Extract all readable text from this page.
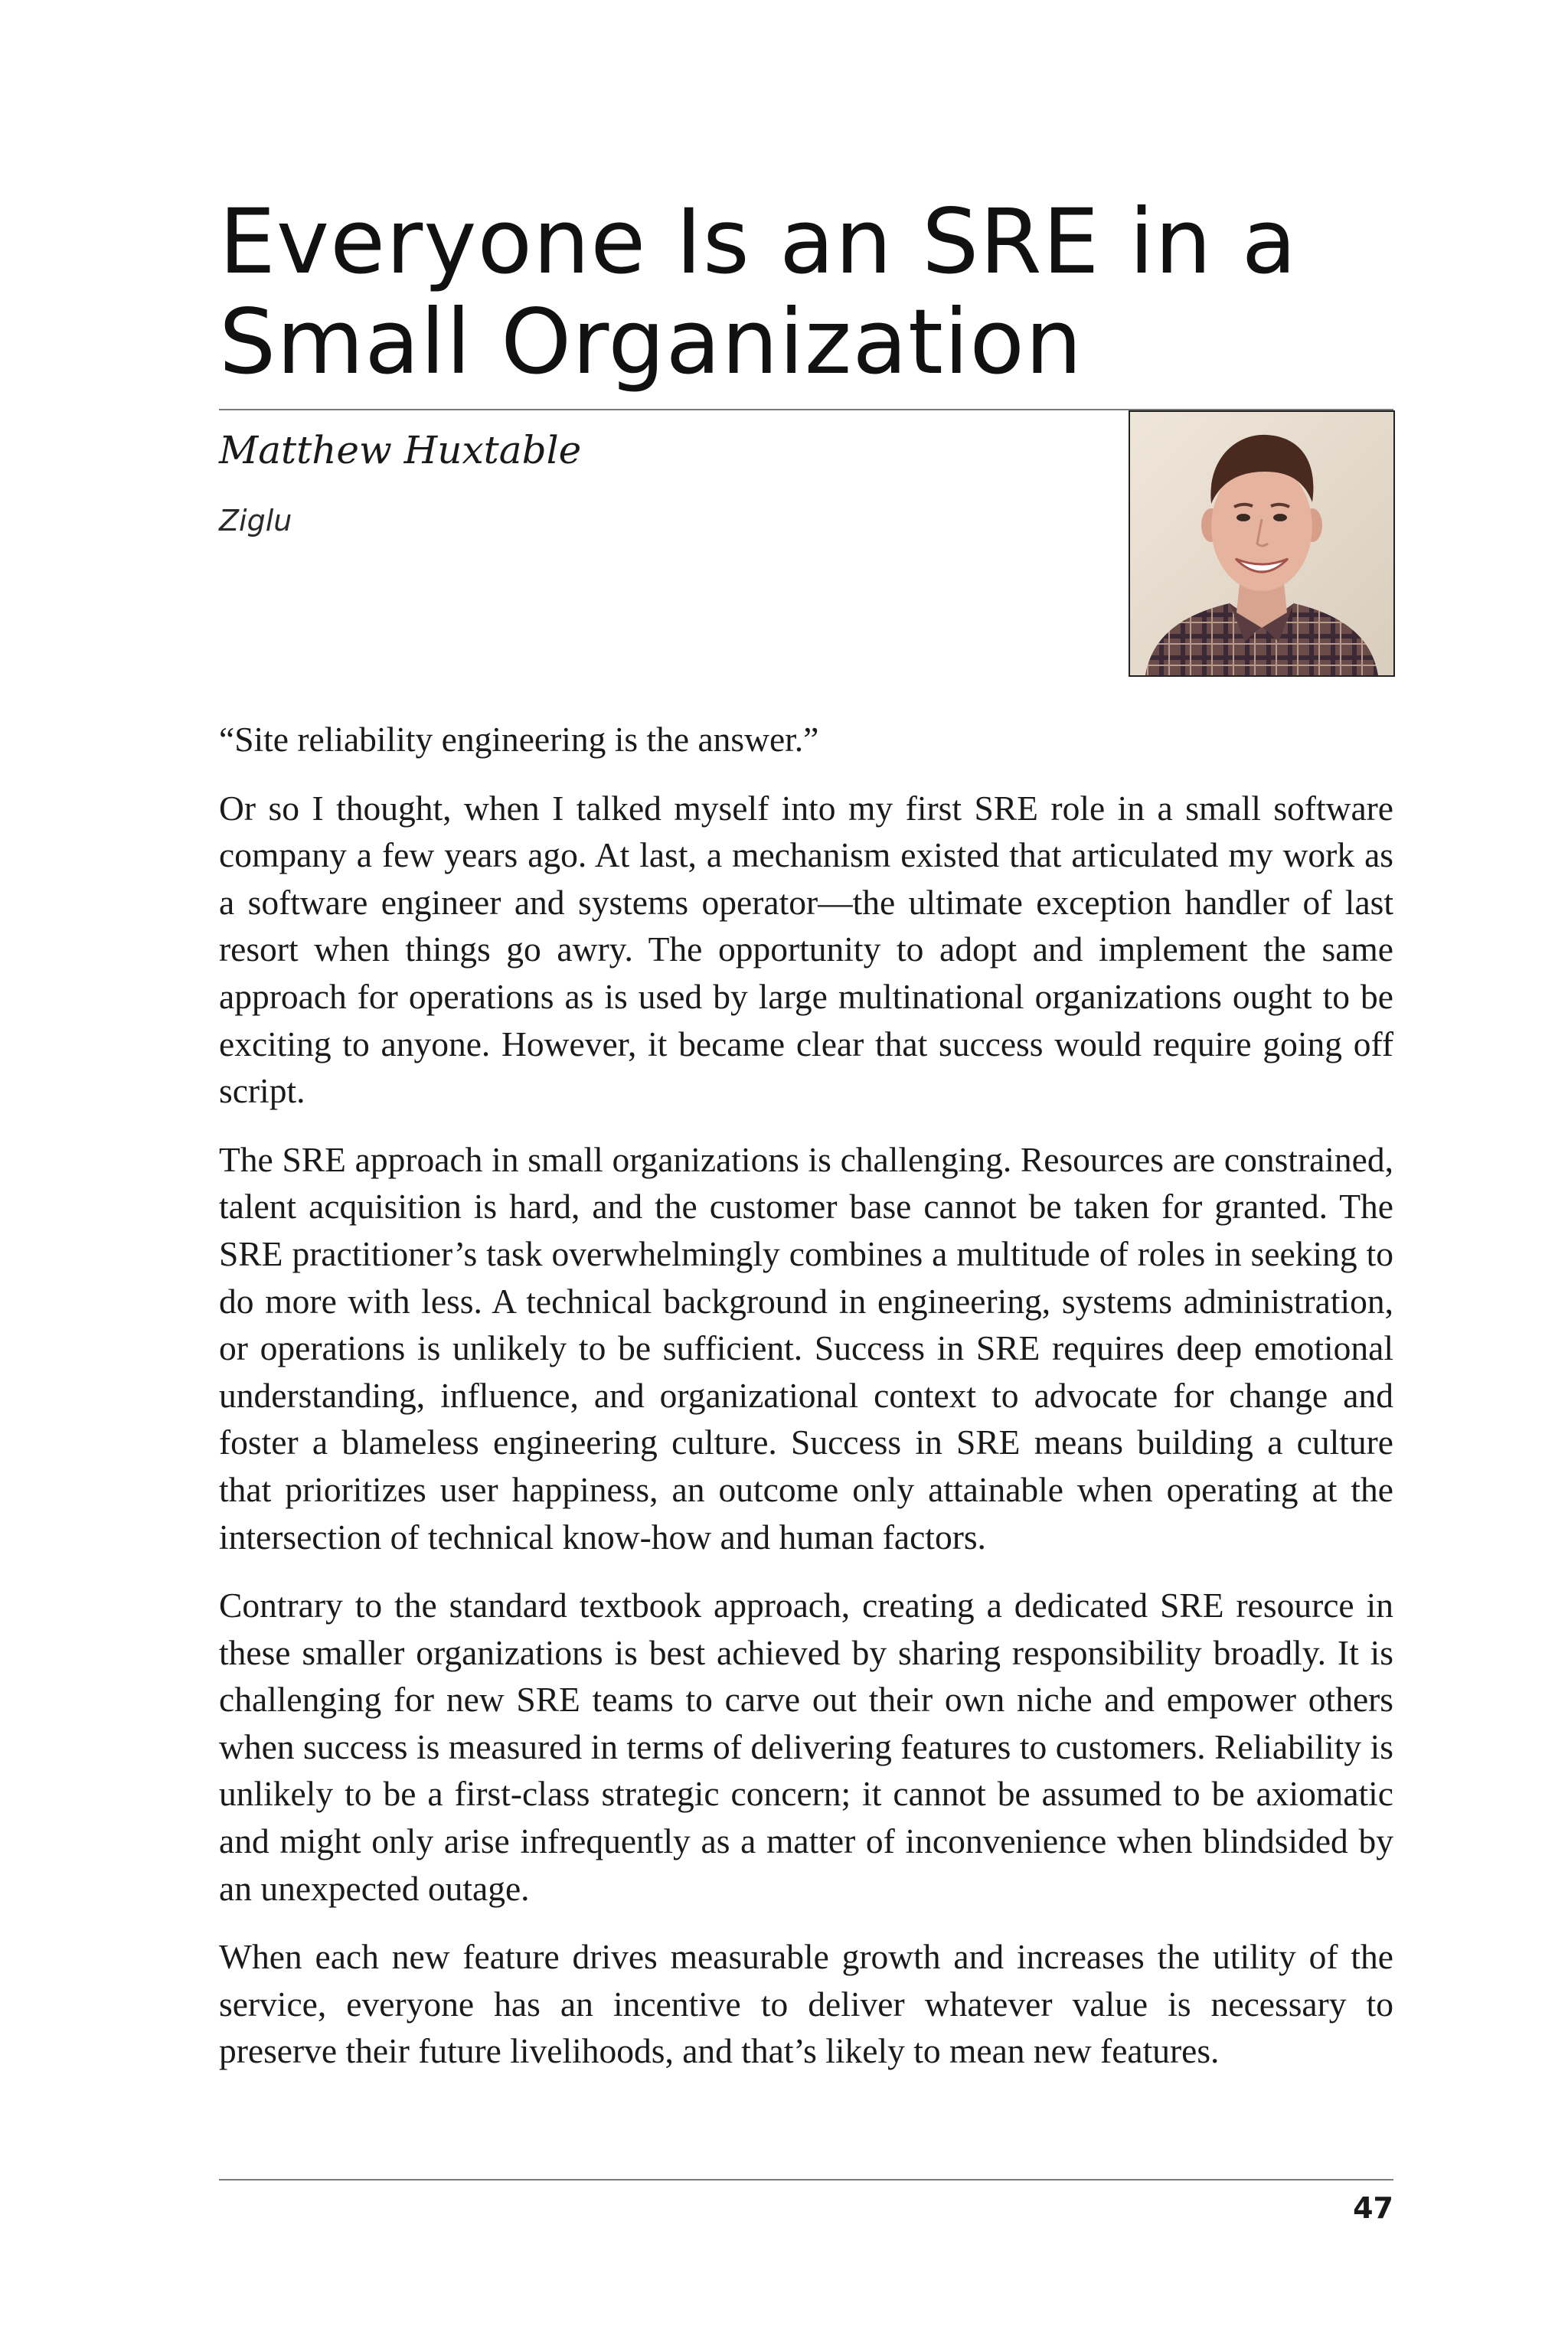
Everyone Is an SRE in a Small Organization

Matthew Huxtable

Ziglu

“Site reliability engineering is the answer.”

Or so I thought, when I talked myself into my first SRE role in a small software company a few years ago. At last, a mechanism existed that articulated my work as a software engineer and systems operator—the ultimate exception handler of last resort when things go awry. The opportunity to adopt and implement the same approach for operations as is used by large multinational organizations ought to be exciting to anyone. However, it became clear that success would require going off script.

The SRE approach in small organizations is challenging. Resources are constrained, talent acquisition is hard, and the customer base cannot be taken for granted. The SRE practitioner’s task overwhelmingly combines a multitude of roles in seeking to do more with less. A technical background in engineering, systems administration, or operations is unlikely to be sufficient. Success in SRE requires deep emotional understanding, influence, and organizational context to advocate for change and foster a blameless engineering culture. Success in SRE means building a culture that prioritizes user happiness, an outcome only attainable when operating at the intersection of technical know-how and human factors.

Contrary to the standard textbook approach, creating a dedicated SRE resource in these smaller organizations is best achieved by sharing responsibility broadly. It is challenging for new SRE teams to carve out their own niche and empower others when success is measured in terms of delivering features to customers. Reliability is unlikely to be a first-class strategic concern; it cannot be assumed to be axiomatic and might only arise infrequently as a matter of inconvenience when blindsided by an unexpected outage.

When each new feature drives measurable growth and increases the utility of the service, everyone has an incentive to deliver whatever value is necessary to preserve their future livelihoods, and that’s likely to mean new features.

47
